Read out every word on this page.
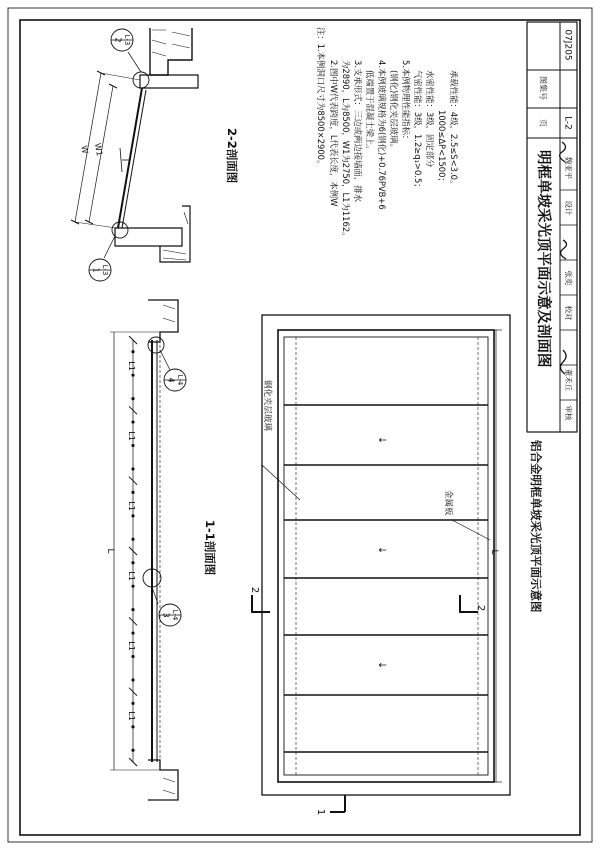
明框单坡采光顶平面示意及剖面图
图集号
07J205
页 L-2
审核
董禾丘
校对
张奕
设计
魏亚平
注：1.本例洞口尺寸为8500×2900。 2.图中W代表跨度，L代表长度，本例W 为2890，L为8500，W1为2750，L1为1162。 3.支承形式：三边或两边接墙面，排水 低端置于混凝土梁上。 4.本例玻璃规格为6(钢化)+0.76PVB+6 (钢化)钢化夹层玻璃。 5.本例物理性能指标： 气密性能：3级，1.2≥q₁>0.5； 水密性能：3级，固定部分 1000≤ΔP<1500； 承载性能：4级，2.5≤S<3.0。
W W1
2 L-3
1 L-3
2-2剖面图
L
L1
L1
L1
L1
L1
L1
4 L-4
3 L-4
1-1剖面图
↓
↓
↓
钢化夹层玻璃
金属板
L
2
2
1
铝合金明框单坡采光顶平面示意图
